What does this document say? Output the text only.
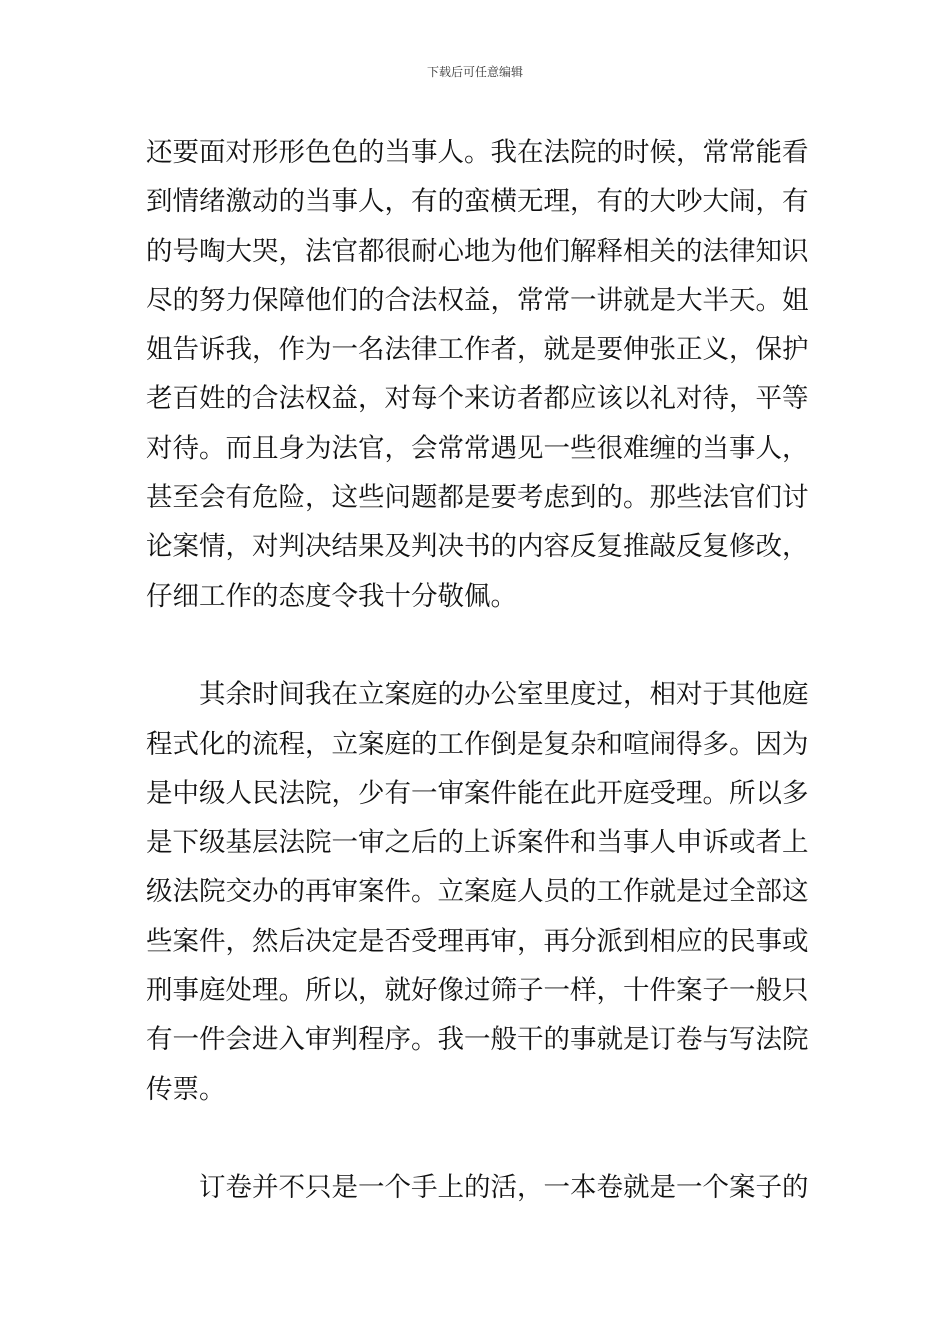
下载后可任意编辑
还要面对形形色色的当事人。我在法院的时候，常常能看
到情绪激动的当事人，有的蛮横无理，有的大吵大闹，有
的号啕大哭，法官都很耐心地为他们解释相关的法律知识
尽的努力保障他们的合法权益，常常一讲就是大半天。姐
姐告诉我，作为一名法律工作者，就是要伸张正义，保护
老百姓的合法权益，对每个来访者都应该以礼对待，平等
对待。而且身为法官，会常常遇见一些很难缠的当事人，
甚至会有危险，这些问题都是要考虑到的。那些法官们讨
论案情，对判决结果及判决书的内容反复推敲反复修改，
仔细工作的态度令我十分敬佩。
其余时间我在立案庭的办公室里度过，相对于其他庭
程式化的流程，立案庭的工作倒是复杂和喧闹得多。因为
是中级人民法院，少有一审案件能在此开庭受理。所以多
是下级基层法院一审之后的上诉案件和当事人申诉或者上
级法院交办的再审案件。立案庭人员的工作就是过全部这
些案件，然后决定是否受理再审，再分派到相应的民事或
刑事庭处理。所以，就好像过筛子一样，十件案子一般只
有一件会进入审判程序。我一般干的事就是订卷与写法院
传票。
订卷并不只是一个手上的活，一本卷就是一个案子的
